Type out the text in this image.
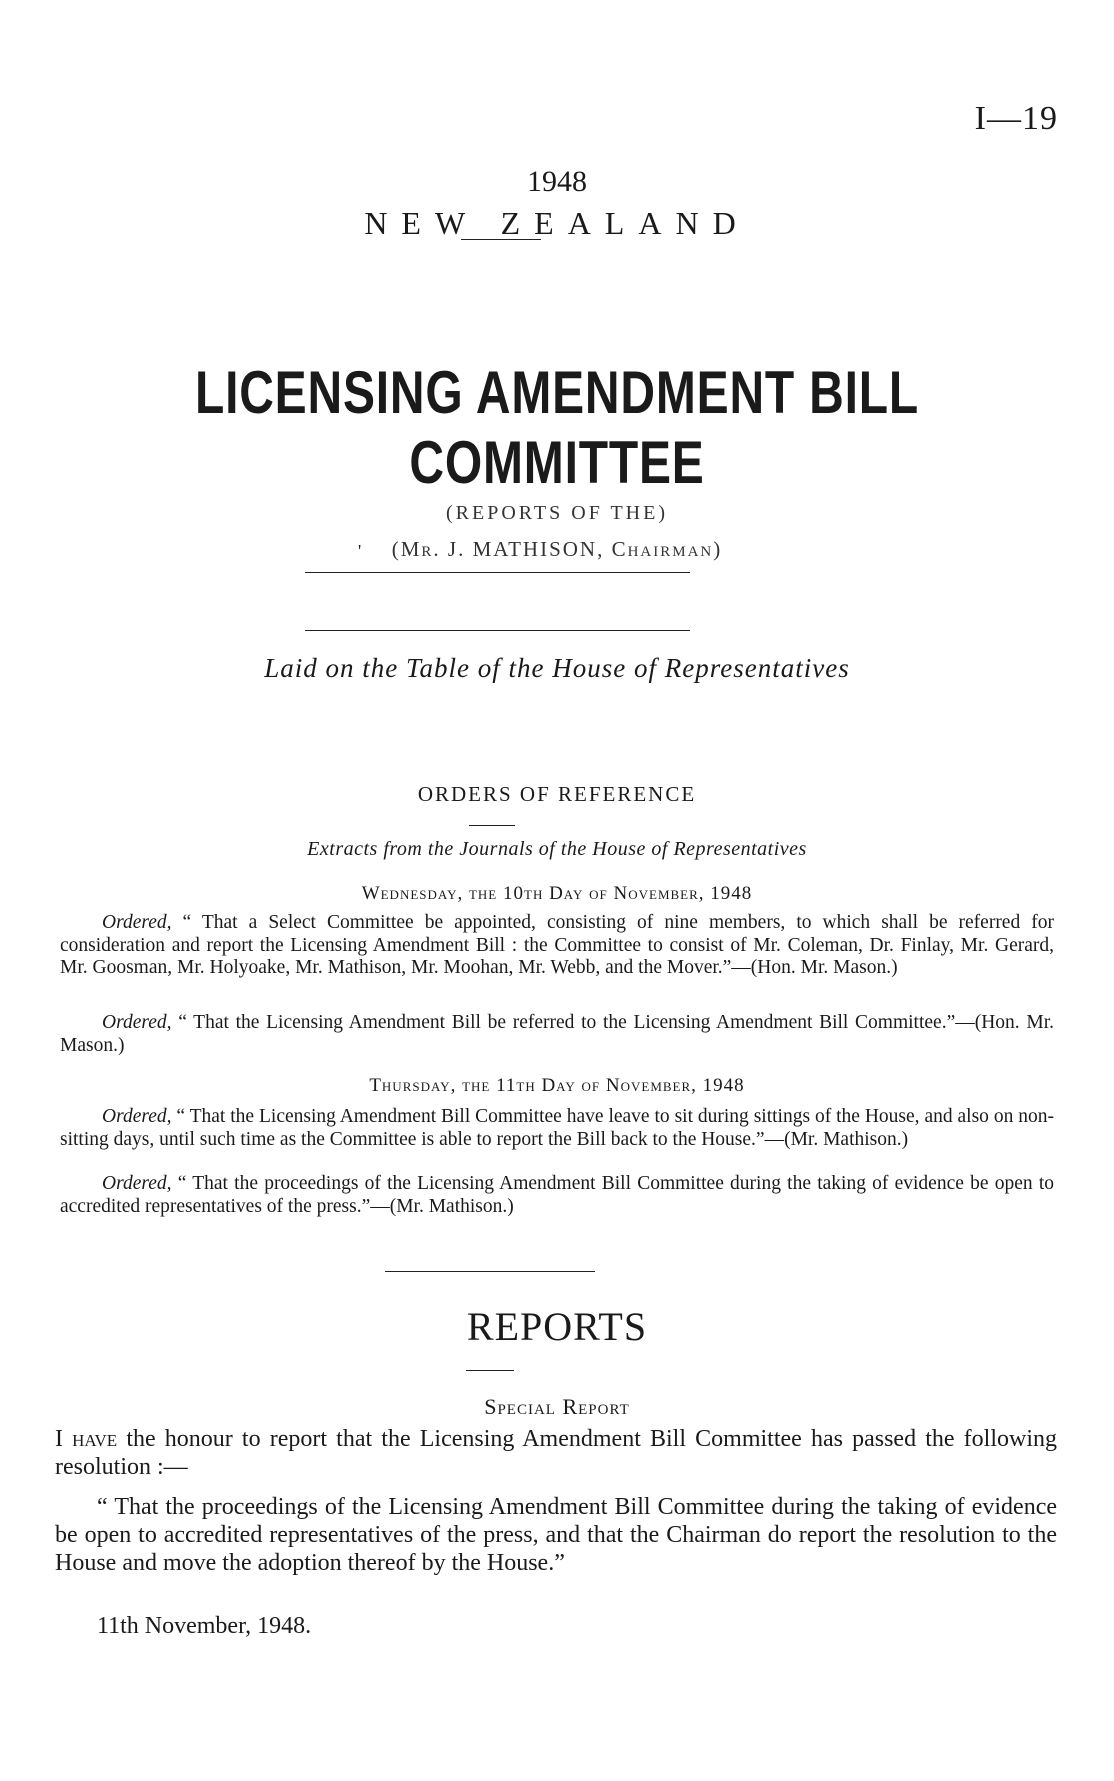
I—19
1948
NEW ZEALAND
LICENSING AMENDMENT BILL
COMMITTEE
(REPORTS OF THE)
'	(Mr. J. MATHISON, Chairman)
Laid on the Table of the House of Representatives
ORDERS OF REFERENCE
Extracts from the Journals of the House of Representatives
Wednesday, the 10th Day of November, 1948
Ordered, “ That a Select Committee be appointed, consisting of nine members, to which shall be referred for consideration and report the Licensing Amendment Bill : the Committee to consist of Mr. Coleman, Dr. Finlay, Mr. Gerard, Mr. Goosman, Mr. Holyoake, Mr. Mathison, Mr. Moohan, Mr. Webb, and the Mover.”—(Hon. Mr. Mason.)
Ordered, “ That the Licensing Amendment Bill be referred to the Licensing Amendment Bill Committee.”—(Hon. Mr. Mason.)
Thursday, the 11th Day of November, 1948
Ordered, “ That the Licensing Amendment Bill Committee have leave to sit during sittings of the House, and also on non-sitting days, until such time as the Committee is able to report the Bill back to the House.”—(Mr. Mathison.)
Ordered, “ That the proceedings of the Licensing Amendment Bill Committee during the taking of evidence be open to accredited representatives of the press.”—(Mr. Mathison.)
REPORTS
Special Report
I have the honour to report that the Licensing Amendment Bill Committee has passed the following resolution :—
“ That the proceedings of the Licensing Amendment Bill Committee during the taking of evidence be open to accredited representatives of the press, and that the Chairman do report the resolution to the House and move the adoption thereof by the House.”
11th November, 1948.
